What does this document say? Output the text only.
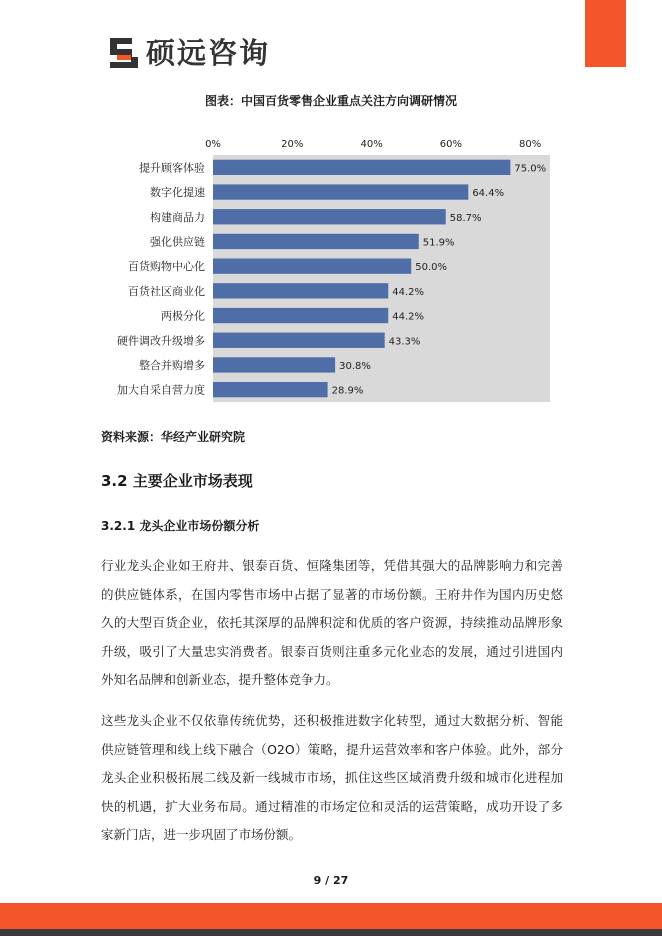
硕远咨询
图表：中国百货零售企业重点关注方向调研情况
0%	20%	40%	60%	80%
提升顾客体验	75.0%
数字化提速	64.4%
构建商品力	58.7%
强化供应链	51.9%
百货购物中心化	50.0%
百货社区商业化	44.2%
两极分化	44.2%
硬件调改升级增多	43.3%
整合并购增多	30.8%
加大自采自营力度	28.9%
资料来源：华经产业研究院
3.2 主要企业市场表现
3.2.1 龙头企业市场份额分析

行业龙头企业如王府井、银泰百货、恒隆集团等，凭借其强大的品牌影响力和完善的供应链体系，在国内零售市场中占据了显著的市场份额。王府井作为国内历史悠久的大型百货企业，依托其深厚的品牌积淀和优质的客户资源，持续推动品牌形象升级，吸引了大量忠实消费者。银泰百货则注重多元化业态的发展，通过引进国内外知名品牌和创新业态，提升整体竞争力。

这些龙头企业不仅依靠传统优势，还积极推进数字化转型，通过大数据分析、智能供应链管理和线上线下融合（O2O）策略，提升运营效率和客户体验。此外，部分龙头企业积极拓展二线及新一线城市市场，抓住这些区域消费升级和城市化进程加快的机遇，扩大业务布局。通过精准的市场定位和灵活的运营策略，成功开设了多家新门店，进一步巩固了市场份额。

9 / 27
